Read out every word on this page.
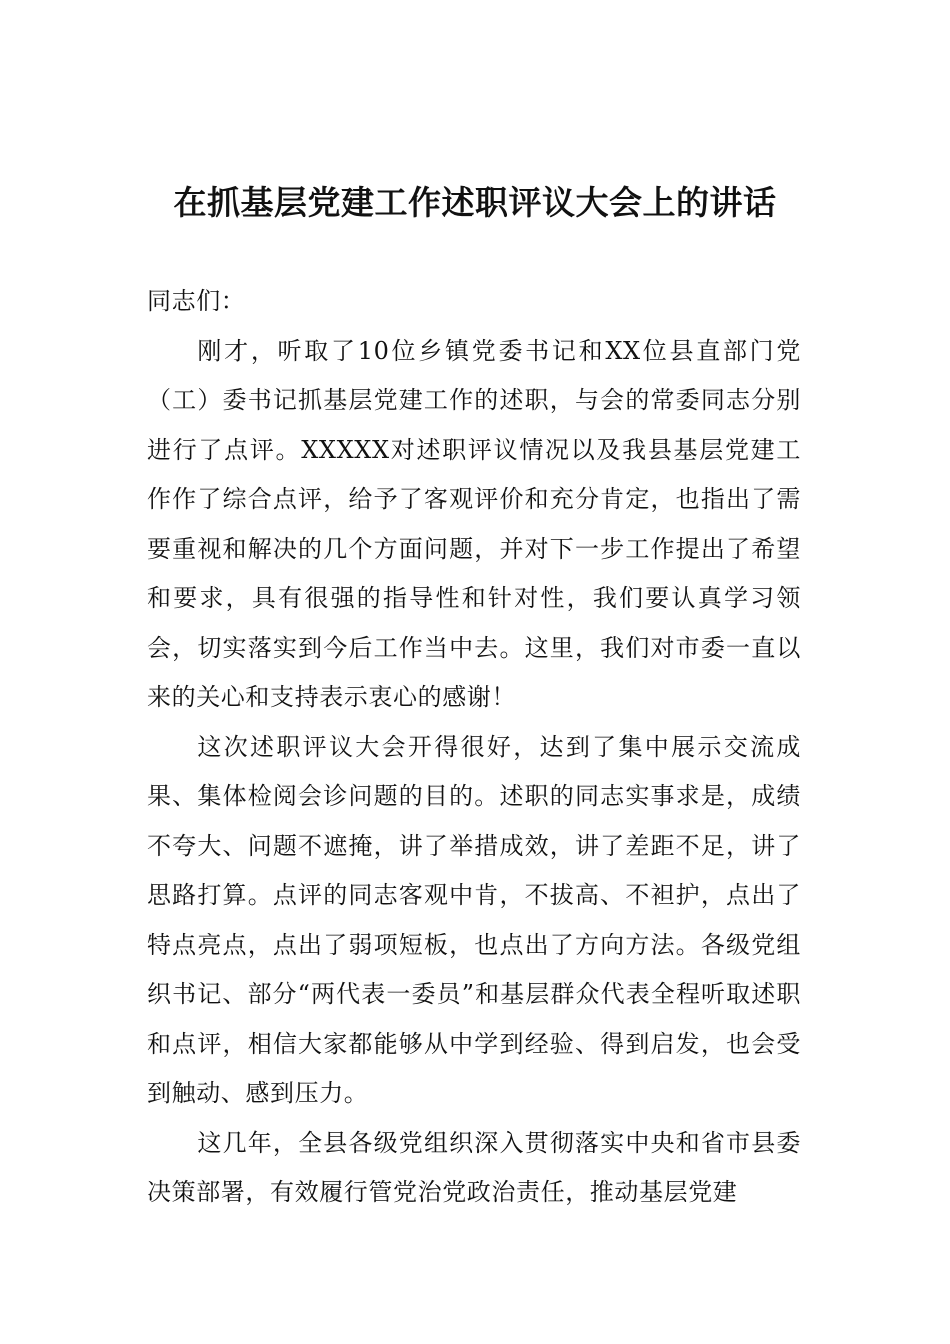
在抓基层党建工作述职评议大会上的讲话

同志们：

刚才，听取了10位乡镇党委书记和XX位县直部门党（工）委书记抓基层党建工作的述职，与会的常委同志分别进行了点评。XXXXX对述职评议情况以及我县基层党建工作作了综合点评，给予了客观评价和充分肯定，也指出了需要重视和解决的几个方面问题，并对下一步工作提出了希望和要求，具有很强的指导性和针对性，我们要认真学习领会，切实落实到今后工作当中去。这里，我们对市委一直以来的关心和支持表示衷心的感谢！

这次述职评议大会开得很好，达到了集中展示交流成果、集体检阅会诊问题的目的。述职的同志实事求是，成绩不夸大、问题不遮掩，讲了举措成效，讲了差距不足，讲了思路打算。点评的同志客观中肯，不拔高、不袒护，点出了特点亮点，点出了弱项短板，也点出了方向方法。各级党组织书记、部分“两代表一委员”和基层群众代表全程听取述职和点评，相信大家都能够从中学到经验、得到启发，也会受到触动、感到压力。

这几年，全县各级党组织深入贯彻落实中央和省市县委决策部署，有效履行管党治党政治责任，推动基层党建
